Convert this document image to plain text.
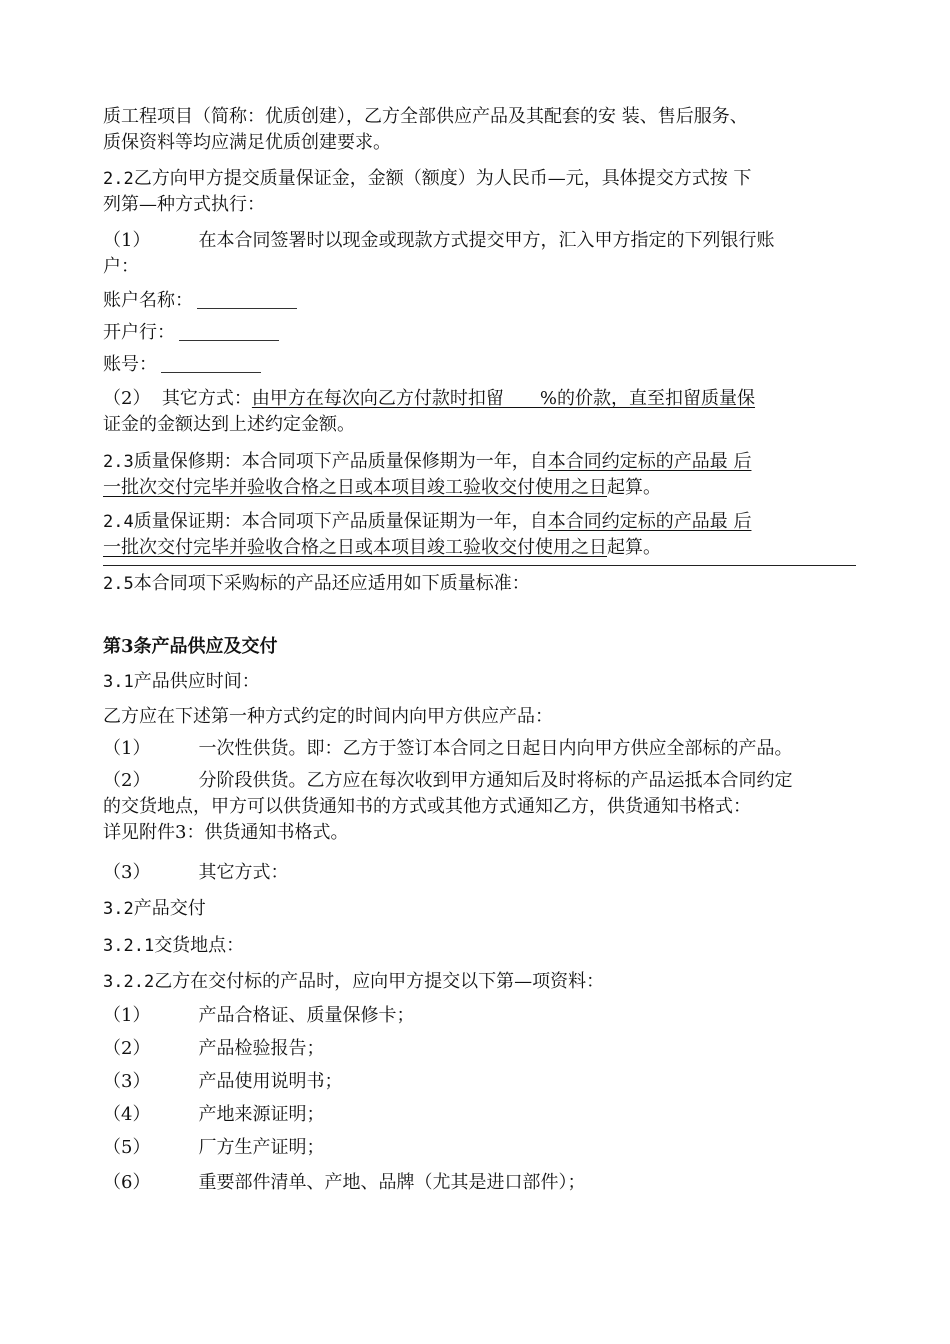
质工程项目（简称：优质创建），乙方全部供应产品及其配套的安 装、售后服务、
质保资料等均应满足优质创建要求。
2.2乙方向甲方提交质量保证金，金额（额度）为人民币—元，具体提交方式按 下
列第—种方式执行：
（1）	在本合同签署时以现金或现款方式提交甲方，汇入甲方指定的下列银行账
户：
账户名称：
开户行：
账号：
（2） 其它方式：由甲方在每次向乙方付款时扣留　　%的价款，直至扣留质量保
证金的金额达到上述约定金额。
2.3质量保修期：本合同项下产品质量保修期为一年，自本合同约定标的产品最 后
一批次交付完毕并验收合格之日或本项目竣工验收交付使用之日起算。
2.4质量保证期：本合同项下产品质量保证期为一年，自本合同约定标的产品最 后
一批次交付完毕并验收合格之日或本项目竣工验收交付使用之日起算。
2.5本合同项下采购标的产品还应适用如下质量标准：
第3条产品供应及交付
3.1产品供应时间：
乙方应在下述第一种方式约定的时间内向甲方供应产品：
（1）	一次性供货。即：乙方于签订本合同之日起日内向甲方供应全部标的产品。
（2）	分阶段供货。乙方应在每次收到甲方通知后及时将标的产品运抵本合同约定
的交货地点，甲方可以供货通知书的方式或其他方式通知乙方，供货通知书格式：
详见附件3：供货通知书格式。
（3）	其它方式：
3.2产品交付
3.2.1交货地点：
3.2.2乙方在交付标的产品时，应向甲方提交以下第—项资料：
（1）	产品合格证、质量保修卡；
（2）	产品检验报告；
（3）	产品使用说明书；
（4）	产地来源证明；
（5）	厂方生产证明；
（6）	重要部件清单、产地、品牌（尤其是进口部件）；
